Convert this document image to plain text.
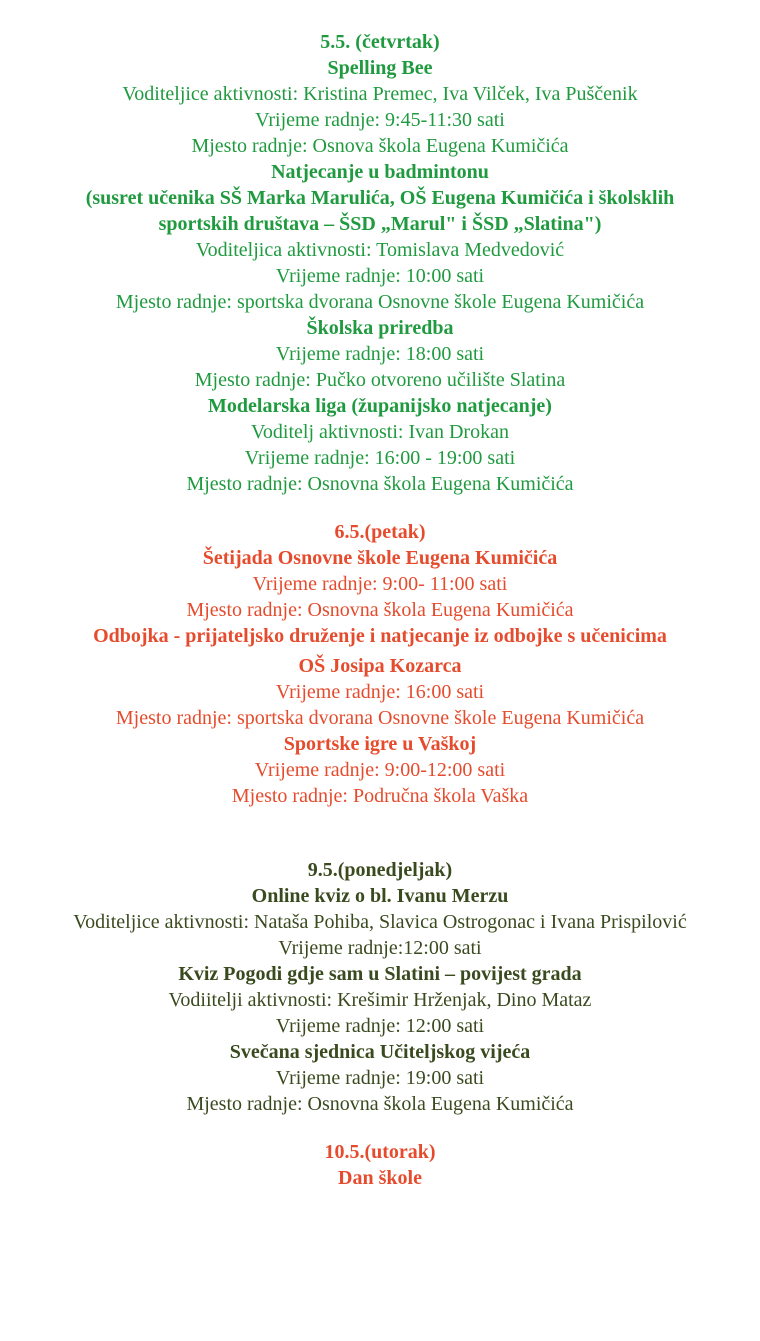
5.5. (četvrtak)
Spelling Bee
Voditeljice aktivnosti: Kristina Premec, Iva Vilček, Iva Puščenik
Vrijeme radnje: 9:45-11:30 sati
Mjesto radnje: Osnova škola Eugena Kumičića
Natjecanje u badmintonu
(susret učenika SŠ Marka Marulića, OŠ Eugena Kumičića i školsklih sportskih društava – ŠSD „Marul" i ŠSD „Slatina")
Voditeljica aktivnosti: Tomislava Medvedović
Vrijeme radnje: 10:00 sati
Mjesto radnje: sportska dvorana Osnovne škole Eugena Kumičića
Školska priredba
Vrijeme radnje: 18:00 sati
Mjesto radnje: Pučko otvoreno učilište Slatina
Modelarska liga (županijsko natjecanje)
Voditelj aktivnosti: Ivan Drokan
Vrijeme radnje: 16:00 - 19:00 sati
Mjesto radnje: Osnovna škola Eugena Kumičića
6.5.(petak)
Šetijada Osnovne škole Eugena Kumičića
Vrijeme radnje: 9:00- 11:00 sati
Mjesto radnje: Osnovna škola Eugena Kumičića
Odbojka - prijateljsko druženje i natjecanje iz odbojke s učenicima
OŠ Josipa Kozarca
Vrijeme radnje: 16:00 sati
Mjesto radnje: sportska dvorana Osnovne škole Eugena Kumičića
Sportske igre u Vaškoj
Vrijeme radnje: 9:00-12:00 sati
Mjesto radnje: Područna škola Vaška
9.5.(ponedjeljak)
Online kviz o bl. Ivanu Merzu
Voditeljice aktivnosti: Nataša Pohiba, Slavica Ostrogonac i Ivana Prispilović
Vrijeme radnje:12:00 sati
Kviz Pogodi gdje sam u Slatini – povijest grada
Vodiitelji aktivnosti: Krešimir Hrženjak, Dino Mataz
Vrijeme radnje: 12:00 sati
Svečana sjednica Učiteljskog vijeća
Vrijeme radnje: 19:00 sati
Mjesto radnje: Osnovna škola Eugena Kumičića
10.5.(utorak)
Dan škole
